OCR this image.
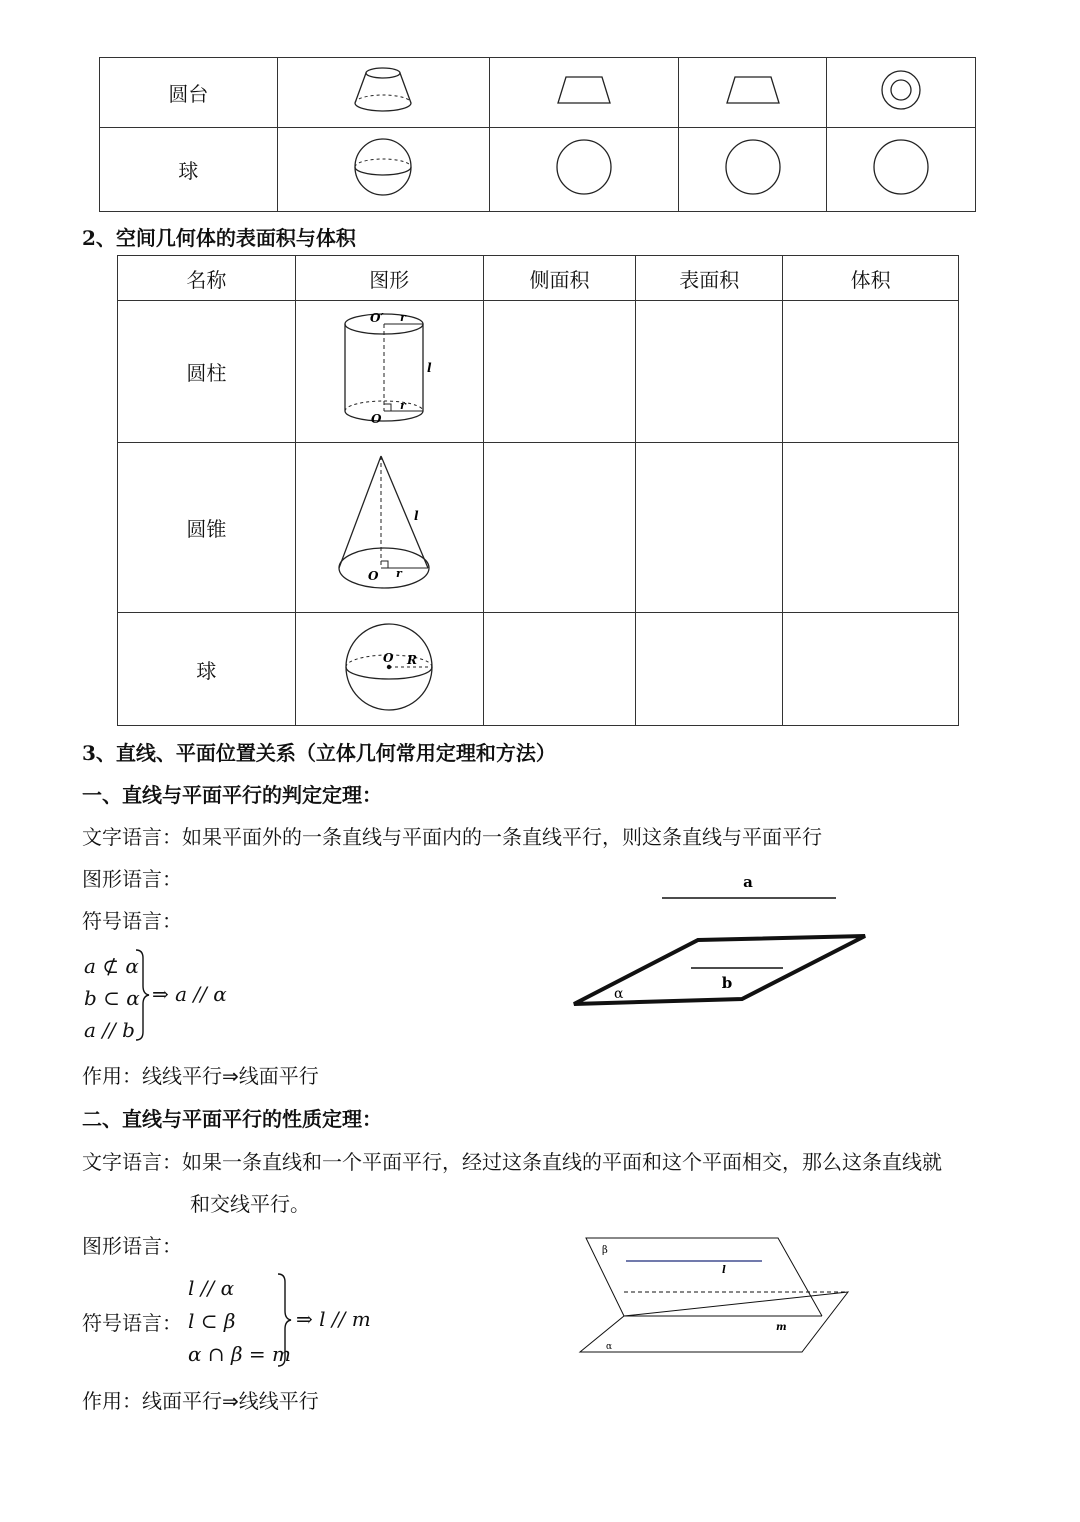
圆台				
球				
2、空间几何体的表面积与体积
名称	图形	侧面积	表面积	体积
圆柱	O′ r
l
O
r			

圆锥	l
O r			

球	O R			

3、直线、平面位置关系（立体几何常用定理和方法）
一、直线与平面平行的判定定理：
文字语言：如果平面外的一条直线与平面内的一条直线平行，则这条直线与平面平行
图形语言：
符号语言：
a ⊄ α
b ⊂ α
a // b
⇒ a // α
a
b
α
作用：线线平行⇒线面平行
二、直线与平面平行的性质定理：
文字语言：如果一条直线和一个平面平行，经过这条直线的平面和这个平面相交，那么这条直线就
和交线平行。
图形语言：
符号语言：
l // α
l ⊂ β
α ∩ β = m
⇒ l // m
β
l
m
α
作用：线面平行⇒线线平行
